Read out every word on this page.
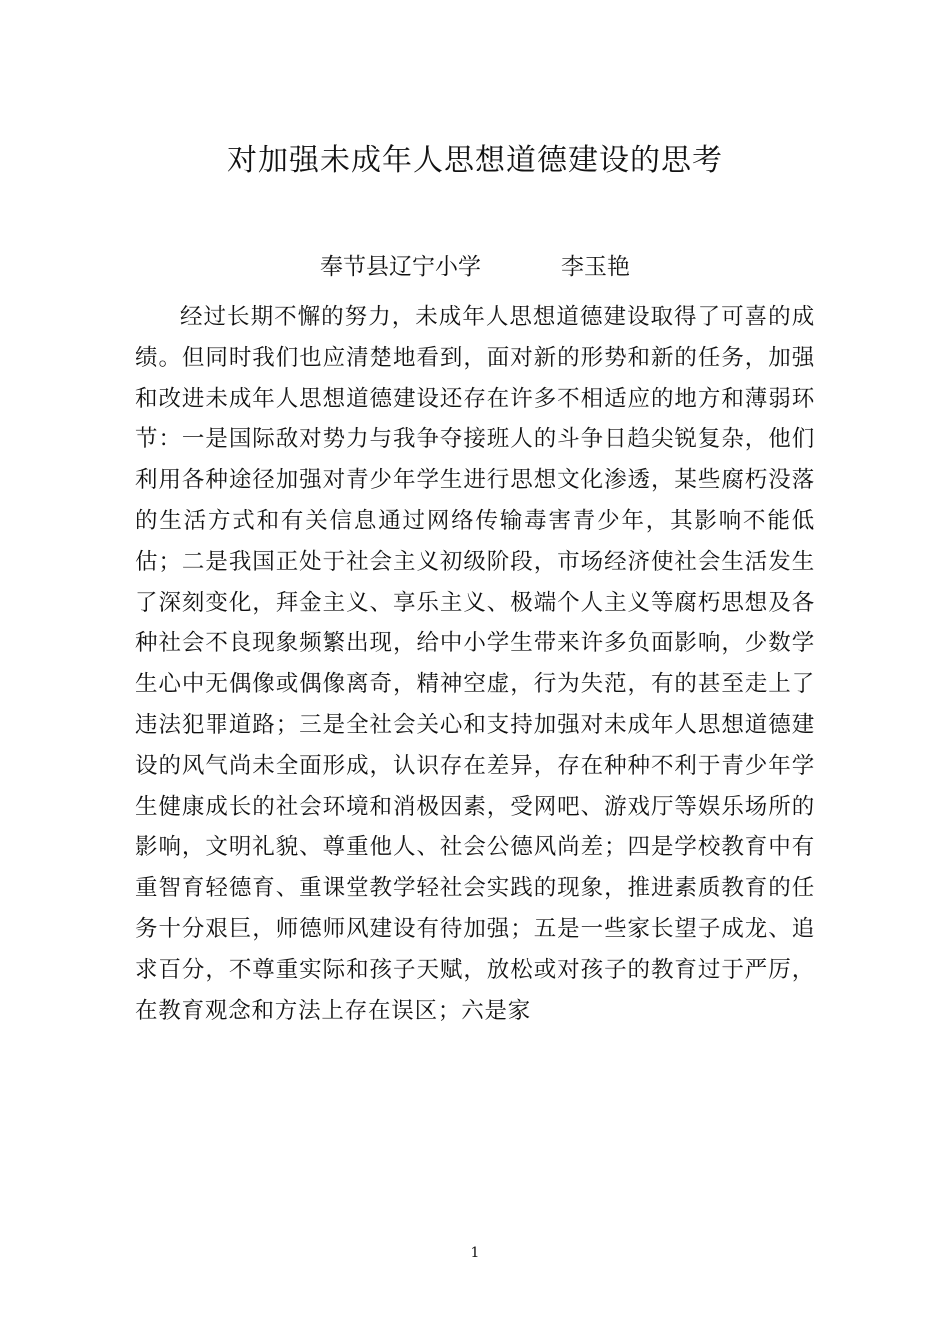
对加强未成年人思想道德建设的思考
奉节县辽宁小学	李玉艳

经过长期不懈的努力，未成年人思想道德建设取得了可喜的成绩。但同时我们也应清楚地看到，面对新的形势和新的任务，加强和改进未成年人思想道德建设还存在许多不相适应的地方和薄弱环节：一是国际敌对势力与我争夺接班人的斗争日趋尖锐复杂，他们利用各种途径加强对青少年学生进行思想文化渗透，某些腐朽没落的生活方式和有关信息通过网络传输毒害青少年，其影响不能低估；二是我国正处于社会主义初级阶段，市场经济使社会生活发生了深刻变化，拜金主义、享乐主义、极端个人主义等腐朽思想及各种社会不良现象频繁出现，给中小学生带来许多负面影响，少数学生心中无偶像或偶像离奇，精神空虚，行为失范，有的甚至走上了违法犯罪道路；三是全社会关心和支持加强对未成年人思想道德建设的风气尚未全面形成，认识存在差异，存在种种不利于青少年学生健康成长的社会环境和消极因素，受网吧、游戏厅等娱乐场所的影响，文明礼貌、尊重他人、社会公德风尚差；四是学校教育中有重智育轻德育、重课堂教学轻社会实践的现象，推进素质教育的任务十分艰巨，师德师风建设有待加强；五是一些家长望子成龙、追求百分，不尊重实际和孩子天赋，放松或对孩子的教育过于严厉，在教育观念和方法上存在误区；六是家

1
